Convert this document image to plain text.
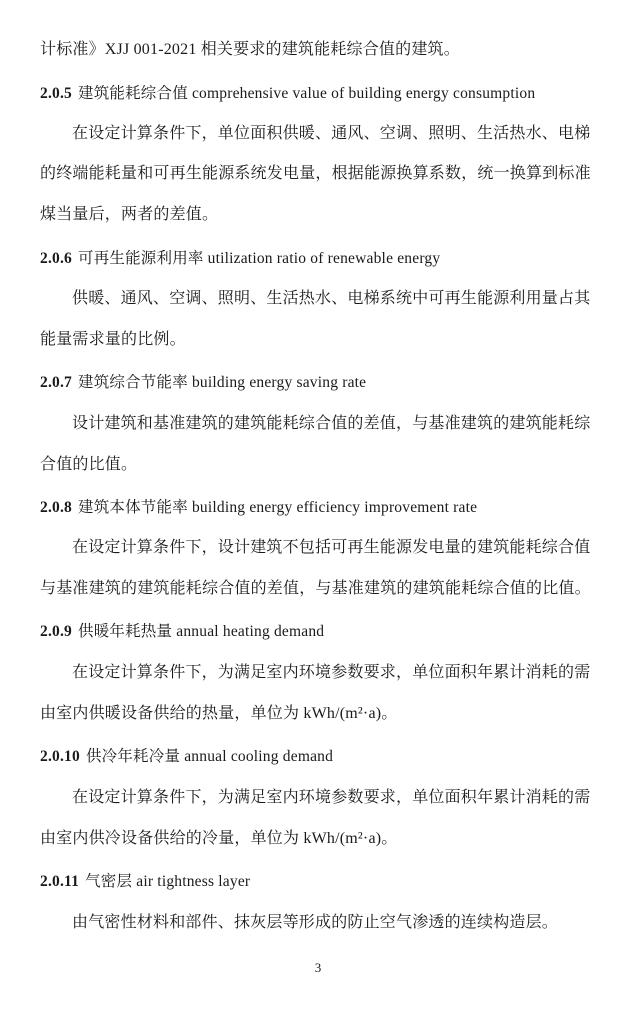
计标准》XJJ 001-2021 相关要求的建筑能耗综合值的建筑。
2.0.5 建筑能耗综合值 comprehensive value of building energy consumption
在设定计算条件下，单位面积供暖、通风、空调、照明、生活热水、电梯
的终端能耗量和可再生能源系统发电量，根据能源换算系数，统一换算到标准
煤当量后，两者的差值。
2.0.6 可再生能源利用率 utilization ratio of renewable energy
供暖、通风、空调、照明、生活热水、电梯系统中可再生能源利用量占其
能量需求量的比例。
2.0.7 建筑综合节能率 building energy saving rate
设计建筑和基准建筑的建筑能耗综合值的差值，与基准建筑的建筑能耗综
合值的比值。
2.0.8 建筑本体节能率 building energy efficiency improvement rate
在设定计算条件下，设计建筑不包括可再生能源发电量的建筑能耗综合值
与基准建筑的建筑能耗综合值的差值，与基准建筑的建筑能耗综合值的比值。
2.0.9 供暖年耗热量 annual heating demand
在设定计算条件下，为满足室内环境参数要求，单位面积年累计消耗的需
由室内供暖设备供给的热量，单位为 kWh/(m²·a)。
2.0.10 供冷年耗冷量 annual cooling demand
在设定计算条件下，为满足室内环境参数要求，单位面积年累计消耗的需
由室内供冷设备供给的冷量，单位为 kWh/(m²·a)。
2.0.11 气密层 air tightness layer
由气密性材料和部件、抹灰层等形成的防止空气渗透的连续构造层。
3
